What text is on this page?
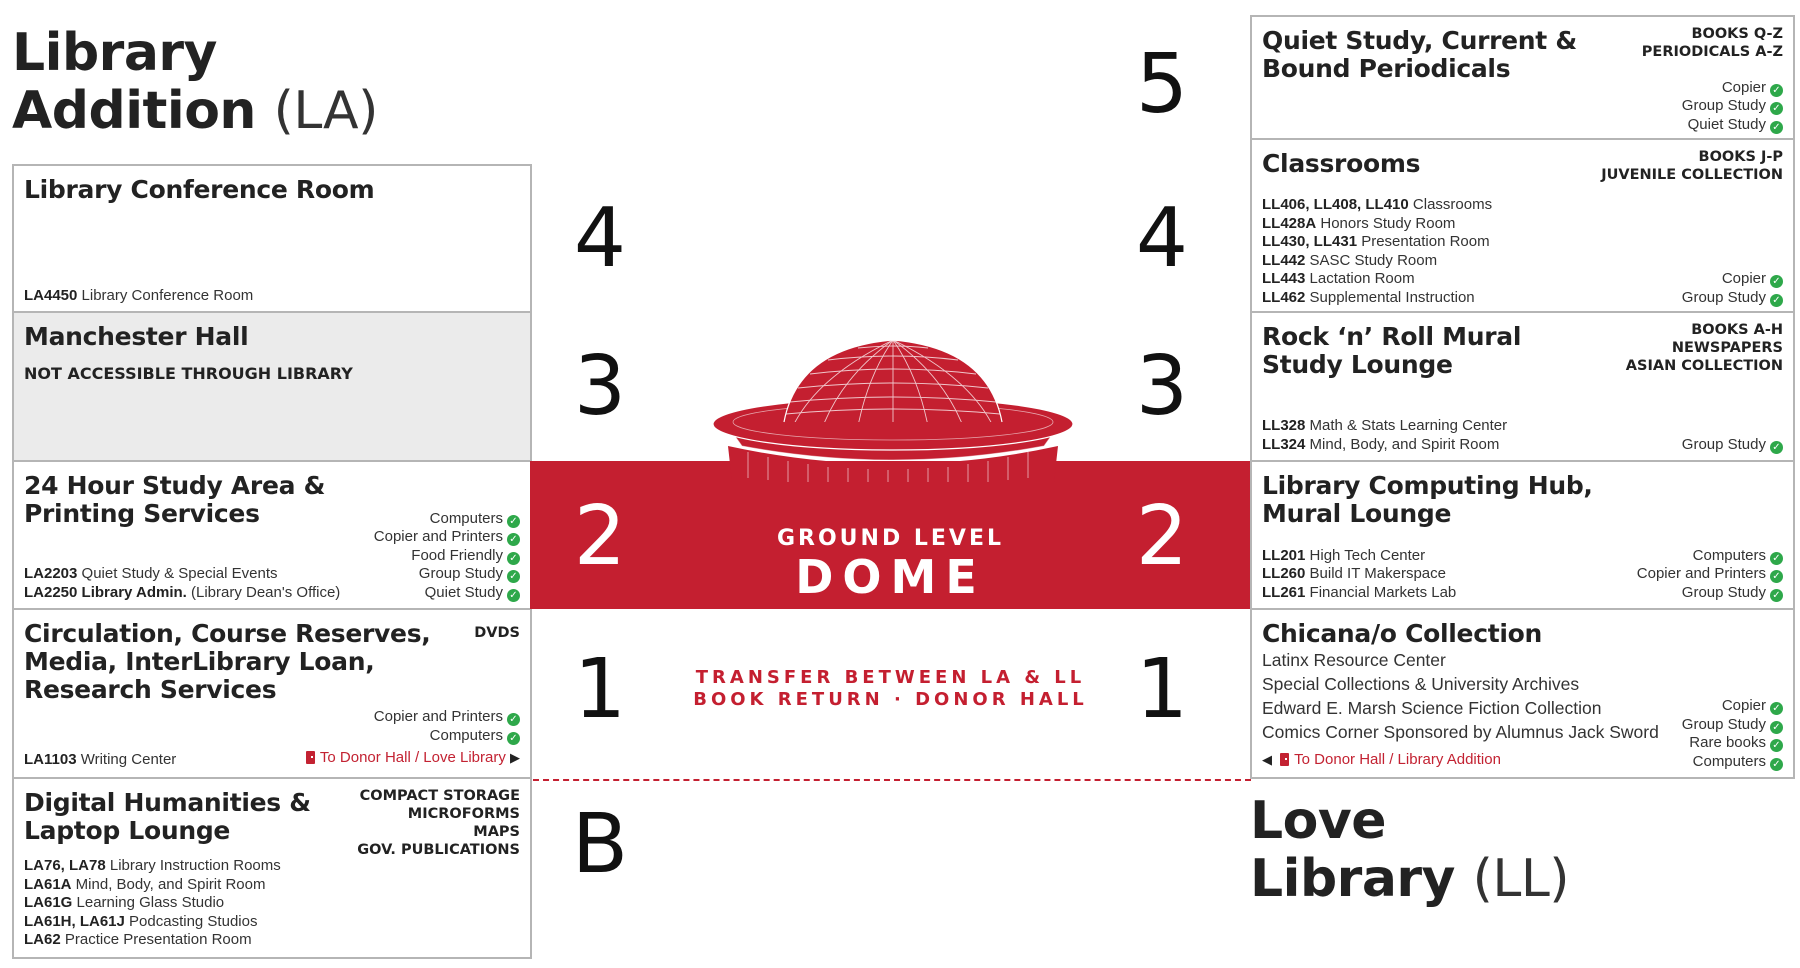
Library
Addition (LA)
Love
Library (LL)
Library Conference Room
LA4450 Library Conference Room
Manchester Hall
NOT ACCESSIBLE THROUGH LIBRARY
24 Hour Study Area &
Printing Services
LA2203 Quiet Study & Special Events
LA2250 Library Admin. (Library Dean's Office)
Computers ✓
Copier and Printers ✓
Food Friendly ✓
Group Study ✓
Quiet Study ✓
Circulation, Course Reserves,
Media, InterLibrary Loan,
Research Services
DVDS
Copier and Printers ✓
Computers ✓
LA1103 Writing Center	To Donor Hall / Love Library ▶
Digital Humanities &
Laptop Lounge
COMPACT STORAGE
MICROFORMS
MAPS
GOV. PUBLICATIONS
LA76, LA78 Library Instruction Rooms
LA61A Mind, Body, and Spirit Room
LA61G Learning Glass Studio
LA61H, LA61J Podcasting Studios
LA62 Practice Presentation Room
GROUND LEVEL
DOME
TRANSFER BETWEEN LA & LL
BOOK RETURN · DONOR HALL
4
3
2
1
B
5
4
3
2
1
Quiet Study, Current &
Bound Periodicals
BOOKS Q-Z
PERIODICALS A-Z
Copier ✓
Group Study ✓
Quiet Study ✓
Classrooms	BOOKS J-P
JUVENILE COLLECTION
LL406, LL408, LL410 Classrooms
LL428A Honors Study Room
LL430, LL431 Presentation Room
LL442 SASC Study Room
LL443 Lactation Room
LL462 Supplemental Instruction
Copier ✓
Group Study ✓
Rock ‘n’ Roll Mural
Study Lounge
BOOKS A-H
NEWSPAPERS
ASIAN COLLECTION
LL328 Math & Stats Learning Center
LL324 Mind, Body, and Spirit Room	Group Study ✓
Library Computing Hub,
Mural Lounge
LL201 High Tech Center
LL260 Build IT Makerspace
LL261 Financial Markets Lab
Computers ✓
Copier and Printers ✓
Group Study ✓
Chicana/o Collection
Latinx Resource Center
Special Collections & University Archives
Edward E. Marsh Science Fiction Collection
Comics Corner Sponsored by Alumnus Jack Sword
Copier ✓
Group Study ✓
Rare books ✓
Computers ✓
◀ To Donor Hall / Library Addition
